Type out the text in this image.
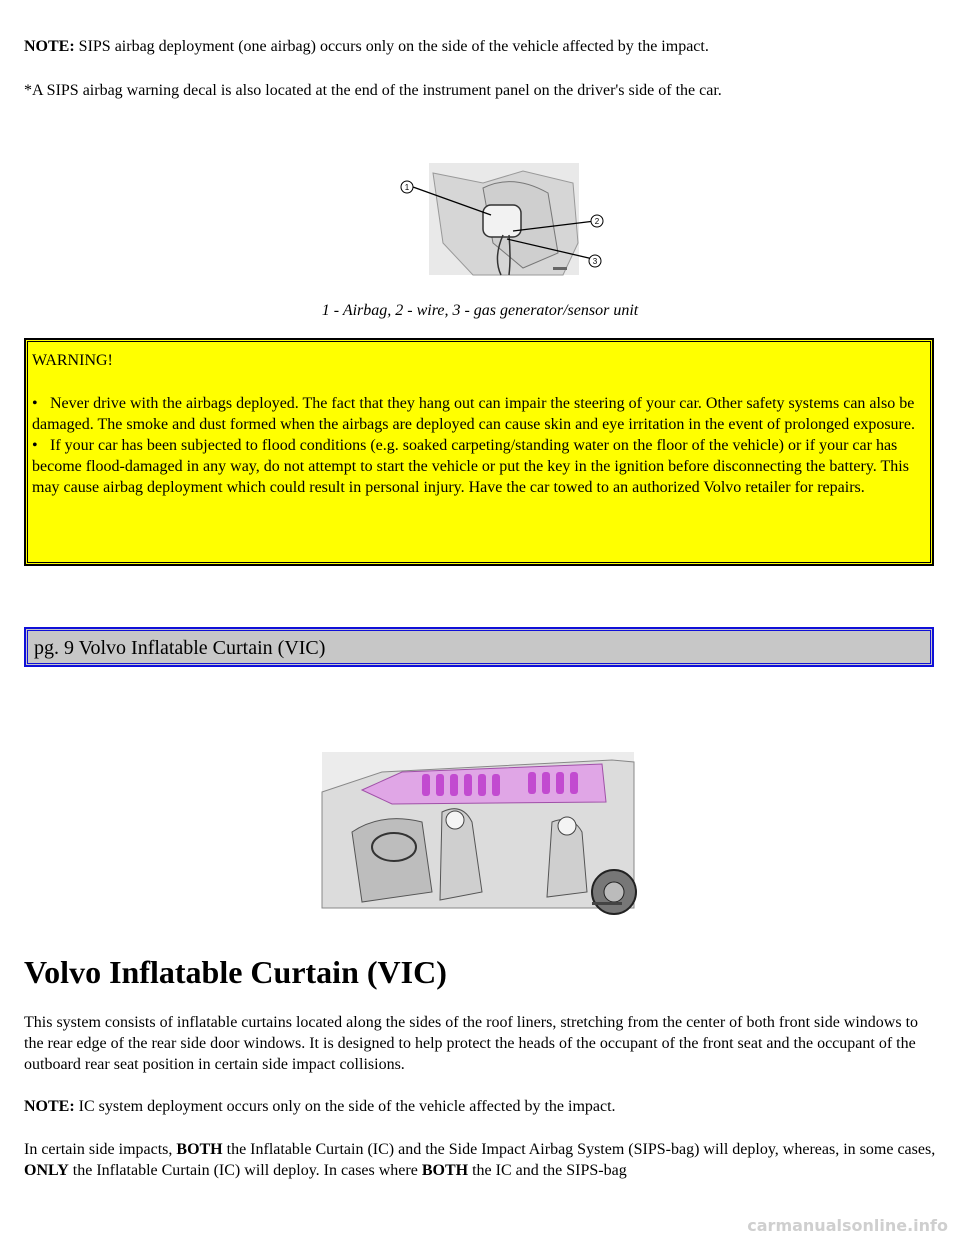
NOTE: SIPS airbag deployment (one airbag) occurs only on the side of the vehicle affected by the impact.

*A SIPS airbag warning decal is also located at the end of the instrument panel on the driver's side of the car.

1
2
3

1 - Airbag, 2 - wire, 3 - gas generator/sensor unit

WARNING!

• Never drive with the airbags deployed. The fact that they hang out can impair the steering of your car. Other safety systems can also be damaged. The smoke and dust formed when the airbags are deployed can cause skin and eye irritation in the event of prolonged exposure.
• If your car has been subjected to flood conditions (e.g. soaked carpeting/standing water on the floor of the vehicle) or if your car has become flood-damaged in any way, do not attempt to start the vehicle or put the key in the ignition before disconnecting the battery. This may cause airbag deployment which could result in personal injury. Have the car towed to an authorized Volvo retailer for repairs.
pg. 9 Volvo Inflatable Curtain (VIC)
Volvo Inflatable Curtain (VIC)

This system consists of inflatable curtains located along the sides of the roof liners, stretching from the center of both front side windows to the rear edge of the rear side door windows. It is designed to help protect the heads of the occupant of the front seat and the occupant of the outboard rear seat position in certain side impact collisions.

NOTE: IC system deployment occurs only on the side of the vehicle affected by the impact.

In certain side impacts, BOTH the Inflatable Curtain (IC) and the Side Impact Airbag System (SIPS-bag) will deploy, whereas, in some cases, ONLY the Inflatable Curtain (IC) will deploy. In cases where BOTH the IC and the SIPS-bag

carmanualsonline.info
